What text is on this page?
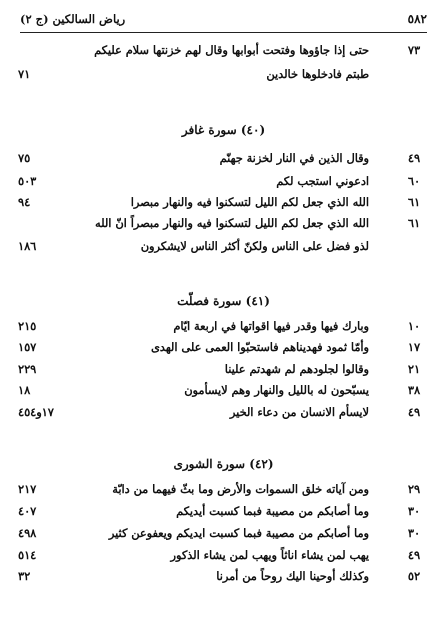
٥٨٢
رياض السالكين (ج ٢)
٧٣
حتى إذا جاؤوها وفتحت أبوابها وقال لهم خزنتها سلام عليكم
طبتم فادخلوها خالدين
٧١
(٤٠) سورة غافر
٤٩
وقال الذين في النار لخزنة جهنّم
٧٥
٦٠
ادعوني استجب لكم
٥٠٣
٦١
الله الذي جعل لكم الليل لتسكنوا فيه والنهار مبصرا
٩٤
٦١
الله الذي جعل لكم الليل لتسكنوا فيه والنهار مبصراً انّ الله
لذو فضل على الناس ولكنّ أكثر الناس لايشكرون
١٨٦
(٤١) سورة فصلّت
١٠
وبارك فيها وقدر فيها اقواتها في اربعة ايّام
٢١٥
١٧
وأمّا ثمود فهديناهم فاستحبّوا العمى على الهدى
١٥٧
٢١
وقالوا لجلودهم لم شهدتم علينا
٢٢٩
٣٨
يسبّحون له بالليل والنهار وهم لايسأمون
١٨
٤٩
لايسأم الانسان من دعاء الخير
١٧و٤٥٤
(٤٢) سورة الشورى
٢٩
ومن آياته خلق السموات والأرض وما بثّ فيهما من دابّة
٢١٧
٣٠
وما أصابكم من مصيبة فبما كسبت أيديكم
٤٠٧
٣٠
وما أصابكم من مصيبة فبما كسبت ايديكم ويعفوعن كثير
٤٩٨
٤٩
يهب لمن يشاء اناثاً ويهب لمن يشاء الذكور
٥١٤
٥٢
وكذلك أوحينا اليك روحاً من أمرنا
٣٢
